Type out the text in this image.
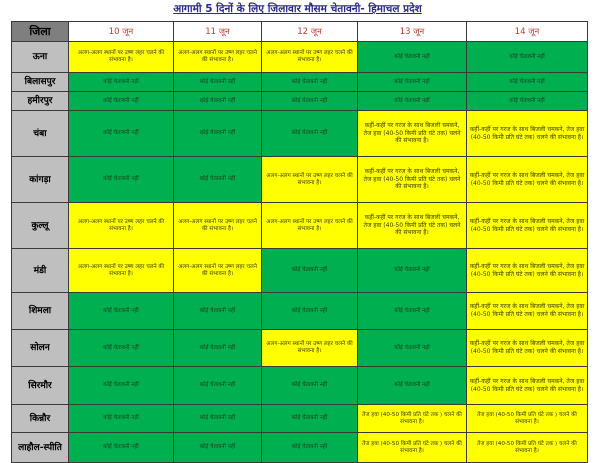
आगामी 5 दिनों के लिए जिलावार मौसम चेतावनी- हिमाचल प्रदेश
जिला	10 जून	11 जून	12 जून	13 जून	14 जून
ऊना	अलग-अलग स्थानों पर उष्ण लहर चलने की संभावना है।	अलग-अलग स्थानों पर उष्ण लहर चलने की संभावना है।	अलग-अलग स्थानों पर उष्ण लहर चलने की संभावना है।	कोई चेतावनी नहीं	कोई चेतावनी नहीं

बिलासपुर	कोई चेतावनी नहीं	कोई चेतावनी नहीं	कोई चेतावनी नहीं	कोई चेतावनी नहीं	कोई चेतावनी नहीं

हमीरपुर	कोई चेतावनी नहीं	कोई चेतावनी नहीं	कोई चेतावनी नहीं	कोई चेतावनी नहीं	कोई चेतावनी नहीं

चंबा	कोई चेतावनी नहीं	कोई चेतावनी नहीं	कोई चेतावनी नहीं	कहीं-कहीं पर गरज के साथ बिजली चमकने, तेज हवा (40-50 किमी प्रति घंटे तक) चलने की संभावना है।	कहीं-कहीं पर गरज के साथ बिजली चमकने, तेज हवा (40-50 किमी प्रति घंटे तक) चलने की संभावना है।

कांगड़ा	कोई चेतावनी नहीं	कोई चेतावनी नहीं	अलग-अलग स्थानों पर उष्ण लहर चलने की संभावना है।	कहीं-कहीं पर गरज के साथ बिजली चमकने, तेज हवा (40-50 किमी प्रति घंटे तक) चलने की संभावना है।	कहीं-कहीं पर गरज के साथ बिजली चमकने, तेज हवा (40-50 किमी प्रति घंटे तक) चलने की संभावना है।

कुल्लू	अलग-अलग स्थानों पर उष्ण लहर चलने की संभावना है।	अलग-अलग स्थानों पर उष्ण लहर चलने की संभावना है।	अलग-अलग स्थानों पर उष्ण लहर चलने की संभावना है।	कहीं-कहीं पर गरज के साथ बिजली चमकने, तेज हवा (40-50 किमी प्रति घंटे तक) चलने की संभावना है।	कहीं-कहीं पर गरज के साथ बिजली चमकने, तेज हवा (40-50 किमी प्रति घंटे तक) चलने की संभावना है।

मंडी	अलग-अलग स्थानों पर उष्ण लहर चलने की संभावना है।	अलग-अलग स्थानों पर उष्ण लहर चलने की संभावना है।	कोई चेतावनी नहीं	कोई चेतावनी नहीं	कहीं-कहीं पर गरज के साथ बिजली चमकने, तेज हवा (40-50 किमी प्रति घंटे तक) चलने की संभावना है।

शिमला	कोई चेतावनी नहीं	कोई चेतावनी नहीं	कोई चेतावनी नहीं	कोई चेतावनी नहीं	कहीं-कहीं पर गरज के साथ बिजली चमकने, तेज हवा (40-50 किमी प्रति घंटे तक) चलने की संभावना है।

सोलन	कोई चेतावनी नहीं	कोई चेतावनी नहीं	अलग-अलग स्थानों पर उष्ण लहर चलने की संभावना है।	कोई चेतावनी नहीं	कहीं-कहीं पर गरज के साथ बिजली चमकने, तेज हवा (40-50 किमी प्रति घंटे तक) चलने की संभावना है।

सिरमौर	कोई चेतावनी नहीं	कोई चेतावनी नहीं	कोई चेतावनी नहीं	कोई चेतावनी नहीं	कहीं-कहीं पर गरज के साथ बिजली चमकने, तेज हवा (40-50 किमी प्रति घंटे तक) चलने की संभावना है।

किन्नौर	कोई चेतावनी नहीं	कोई चेतावनी नहीं	कोई चेतावनी नहीं	तेज हवा (40-50 किमी प्रति घंटे तक ) चलने की संभावना है।	तेज हवा (40-50 किमी प्रति घंटे तक ) चलने की संभावना है।

लाहौल-स्पीति	कोई चेतावनी नहीं	कोई चेतावनी नहीं	कोई चेतावनी नहीं	तेज हवा (40-50 किमी प्रति घंटे तक ) चलने की संभावना है।	तेज हवा (40-50 किमी प्रति घंटे तक ) चलने की संभावना है।
